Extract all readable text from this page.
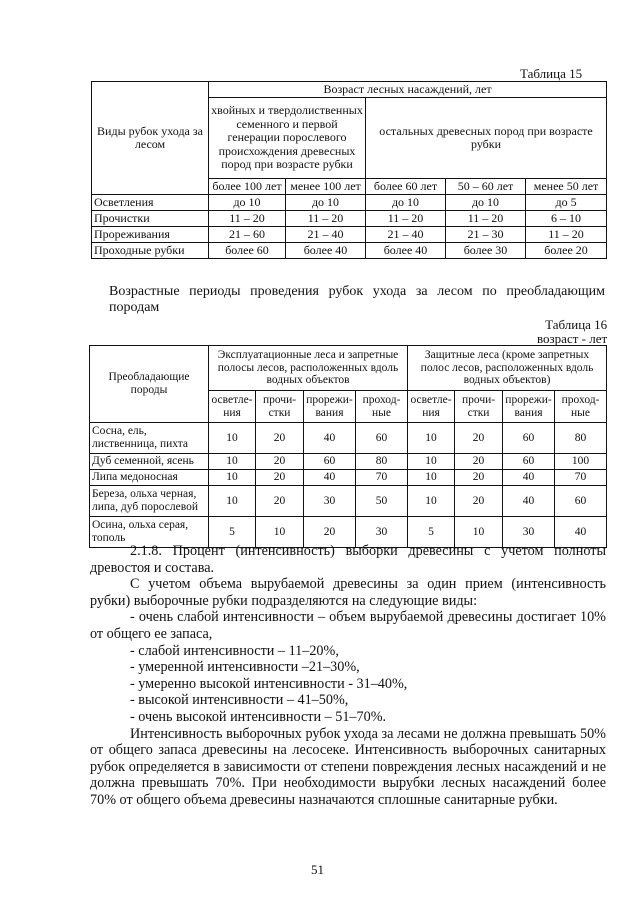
Таблица 15
Виды рубок ухода за лесом	Возраст лесных насаждений, лет				
	хвойных и твердолиственных семенного и первой генерации порослевого происхождения древесных пород при возрасте рубки		остальных древесных пород при возрасте рубки		
	более 100 лет	менее 100 лет	более 60 лет	50 – 60 лет	менее 50 лет
Осветления	до 10	до 10	до 10	до 10	до 5
Прочистки	11 – 20	11 – 20	11 – 20	11 – 20	6 – 10
Прореживания	21 – 60	21 – 40	21 – 40	21 – 30	11 – 20
Проходные рубки	более 60	более 40	более 40	более 30	более 20
Возрастные периоды проведения рубок ухода за лесом по преобладающим породам
Таблица 16
возраст - лет
Преобладающие породы	Эксплуатационные леса и запретные полосы лесов, расположенных вдоль водных объектов				Защитные леса (кроме запретных полос лесов, расположенных вдоль водных объектов)			
	осветле-ния	прочи-стки	прорежи-вания	проход-ные	осветле-ния	прочи-стки	прорежи-вания	проход-ные
Сосна, ель, лиственница, пихта	10	20	40	60	10	20	60	80
Дуб семенной, ясень	10	20	60	80	10	20	60	100
Липа медоносная	10	20	40	70	10	20	40	70
Береза, ольха черная, липа, дуб порослевой	10	20	30	50	10	20	40	60
Осина, ольха серая, тополь	5	10	20	30	5	10	30	40

2.1.8. Процент (интенсивность) выборки древесины с учетом полноты древостоя и состава.

С учетом объема вырубаемой древесины за один прием (интенсивность рубки) выборочные рубки подразделяются на следующие виды:

- очень слабой интенсивности – объем вырубаемой древесины достигает 10% от общего ее запаса,

- слабой интенсивности – 11–20%,

- умеренной интенсивности –21–30%,

- умеренно высокой интенсивности - 31–40%,

- высокой интенсивности – 41–50%,

- очень высокой интенсивности – 51–70%.

Интенсивность выборочных рубок ухода за лесами не должна превышать 50% от общего запаса древесины на лесосеке. Интенсивность выборочных санитарных рубок определяется в зависимости от степени повреждения лесных насаждений и не должна превышать 70%. При необходимости вырубки лесных насаждений более 70% от общего объема древесины назначаются сплошные санитарные рубки.

51
